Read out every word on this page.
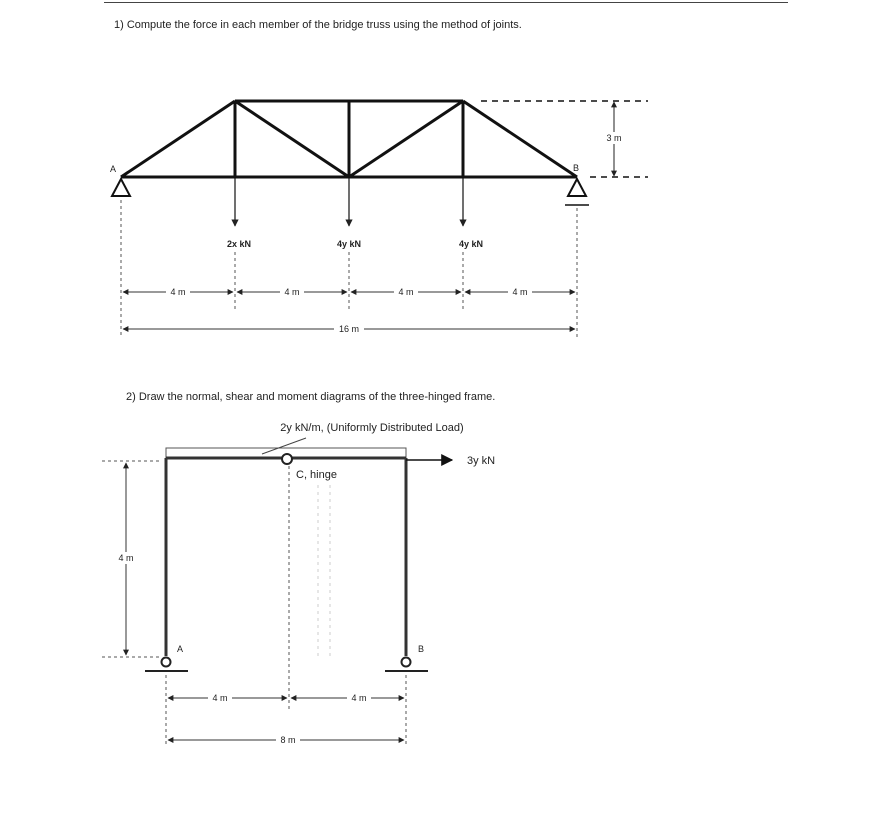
1) Compute the force in each member of the bridge truss using the method of joints.
2) Draw the normal, shear and moment diagrams of the three-hinged frame.
A	B
3 m
2x kN	4y kN	4y kN
4 m	4 m	4 m	4 m
16 m
2y kN/m, (Uniformly Distributed Load)
C, hinge
3y kN
A	B
4 m
4 m	4 m
8 m
